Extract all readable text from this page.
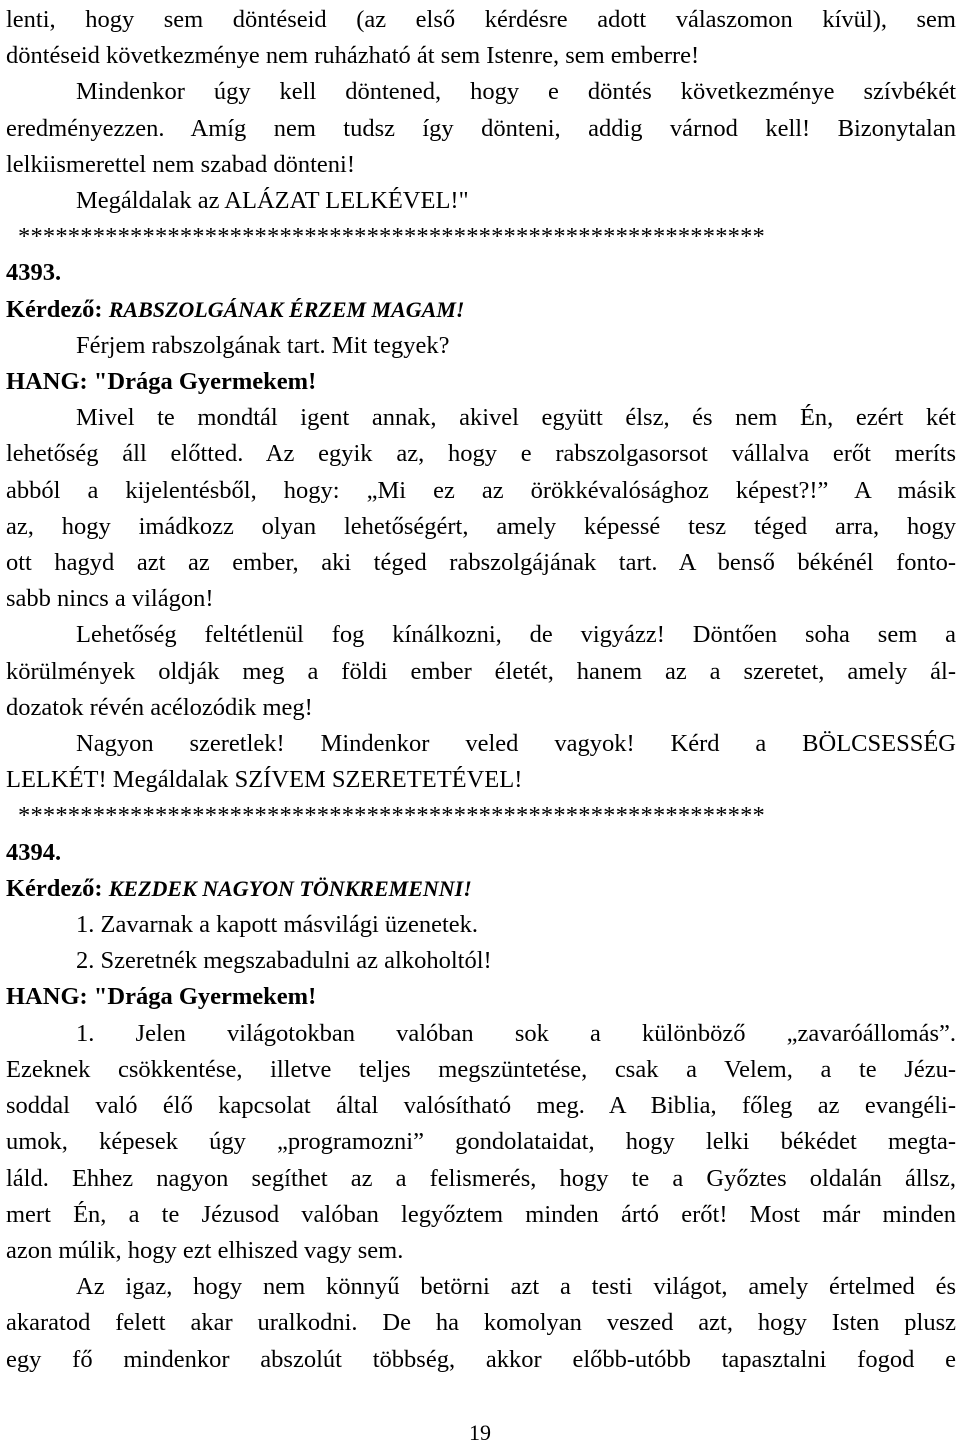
lenti, hogy sem döntéseid (az első kérdésre adott válaszomon kívül), sem
döntéseid következménye nem ruházható át sem Istenre, sem emberre!
Mindenkor úgy kell döntened, hogy e döntés következménye szívbékét
eredményezzen. Amíg nem tudsz így dönteni, addig várnod kell! Bizonytalan
lelkiismerettel nem szabad dönteni!
Megáldalak az ALÁZAT LELKÉVEL!"
************************************************************
4393.
Kérdező: RABSZOLGÁNAK ÉRZEM MAGAM!
Férjem rabszolgának tart. Mit tegyek?
HANG: "Drága Gyermekem!
Mivel te mondtál igent annak, akivel együtt élsz, és nem Én, ezért két
lehetőség áll előtted. Az egyik az, hogy e rabszolgasorsot vállalva erőt meríts
abból a kijelentésből, hogy: „Mi ez az örökkévalósághoz képest?!” A másik
az, hogy imádkozz olyan lehetőségért, amely képessé tesz téged arra, hogy
ott hagyd azt az ember, aki téged rabszolgájának tart. A benső békénél fonto-
sabb nincs a világon!
Lehetőség feltétlenül fog kínálkozni, de vigyázz! Döntően soha sem a
körülmények oldják meg a földi ember életét, hanem az a szeretet, amely ál-
dozatok révén acélozódik meg!
Nagyon szeretlek! Mindenkor veled vagyok! Kérd a BÖLCSESSÉG
LELKÉT! Megáldalak SZÍVEM SZERETETÉVEL!
************************************************************
4394.
Kérdező: KEZDEK NAGYON TÖNKREMENNI!
1. Zavarnak a kapott másvilági üzenetek.
2. Szeretnék megszabadulni az alkoholtól!
HANG: "Drága Gyermekem!
1. Jelen világotokban valóban sok a különböző „zavaróállomás”.
Ezeknek csökkentése, illetve teljes megszüntetése, csak a Velem, a te Jézu-
soddal való élő kapcsolat által valósítható meg. A Biblia, főleg az evangéli-
umok, képesek úgy „programozni” gondolataidat, hogy lelki békédet megta-
láld. Ehhez nagyon segíthet az a felismerés, hogy te a Győztes oldalán állsz,
mert Én, a te Jézusod valóban legyőztem minden ártó erőt! Most már minden
azon múlik, hogy ezt elhiszed vagy sem.
Az igaz, hogy nem könnyű betörni azt a testi világot, amely értelmed és
akaratod felett akar uralkodni. De ha komolyan veszed azt, hogy Isten plusz
egy fő mindenkor abszolút többség, akkor előbb-utóbb tapasztalni fogod e
19
